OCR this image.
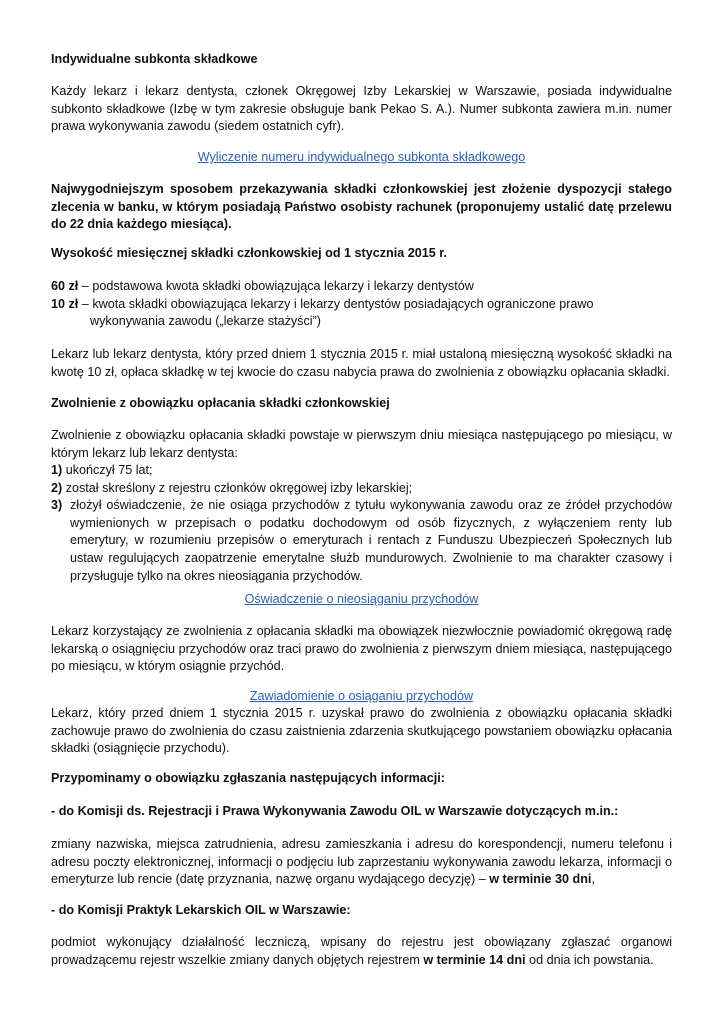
Indywidualne subkonta składkowe

Każdy lekarz i lekarz dentysta, członek Okręgowej Izby Lekarskiej w Warszawie, posiada indywidualne subkonto składkowe (Izbę w tym zakresie obsługuje bank Pekao S. A.). Numer subkonta zawiera m.in. numer prawa wykonywania zawodu (siedem ostatnich cyfr).

Wyliczenie numeru indywidualnego subkonta składkowego

Najwygodniejszym sposobem przekazywania składki członkowskiej jest złożenie dyspozycji stałego zlecenia w banku, w którym posiadają Państwo osobisty rachunek (proponujemy ustalić datę przelewu do 22 dnia każdego miesiąca).

Wysokość miesięcznej składki członkowskiej od 1 stycznia 2015 r.

60 zł – podstawowa kwota składki obowiązująca lekarzy i lekarzy dentystów
10 zł – kwota składki obowiązująca lekarzy i lekarzy dentystów posiadających ograniczone prawo
wykonywania zawodu („lekarze stażyści”)

Lekarz lub lekarz dentysta, który przed dniem 1 stycznia 2015 r. miał ustaloną miesięczną wysokość składki na kwotę 10 zł, opłaca składkę w tej kwocie do czasu nabycia prawa do zwolnienia z obowiązku opłacania składki.

Zwolnienie z obowiązku opłacania składki członkowskiej

Zwolnienie z obowiązku opłacania składki powstaje w pierwszym dniu miesiąca następującego po miesiącu, w którym lekarz lub lekarz dentysta:

1) ukończył 75 lat;
2) został skreślony z rejestru członków okręgowej izby lekarskiej;
3) złożył oświadczenie, że nie osiąga przychodów z tytułu wykonywania zawodu oraz ze źródeł przychodów wymienionych w przepisach o podatku dochodowym od osób fizycznych, z wyłączeniem renty lub emerytury, w rozumieniu przepisów o emeryturach i rentach z Funduszu Ubezpieczeń Społecznych lub ustaw regulujących zaopatrzenie emerytalne służb mundurowych. Zwolnienie to ma charakter czasowy i przysługuje tylko na okres nieosiągania przychodów.

Oświadczenie o nieosiąganiu przychodów

Lekarz korzystający ze zwolnienia z opłacania składki ma obowiązek niezwłocznie powiadomić okręgową radę lekarską o osiągnięciu przychodów oraz traci prawo do zwolnienia z pierwszym dniem miesiąca, następującego po miesiącu, w którym osiągnie przychód.

Zawiadomienie o osiąganiu przychodów

Lekarz, który przed dniem 1 stycznia 2015 r. uzyskał prawo do zwolnienia z obowiązku opłacania składki zachowuje prawo do zwolnienia do czasu zaistnienia zdarzenia skutkującego powstaniem obowiązku opłacania składki (osiągnięcie przychodu).

Przypominamy o obowiązku zgłaszania następujących informacji:

- do Komisji ds. Rejestracji i Prawa Wykonywania Zawodu OIL w Warszawie dotyczących m.in.:

zmiany nazwiska, miejsca zatrudnienia, adresu zamieszkania i adresu do korespondencji, numeru telefonu i adresu poczty elektronicznej, informacji o podjęciu lub zaprzestaniu wykonywania zawodu lekarza, informacji o emeryturze lub rencie (datę przyznania, nazwę organu wydającego decyzję) – w terminie 30 dni,

- do Komisji Praktyk Lekarskich OIL w Warszawie:

podmiot wykonujący działalność leczniczą, wpisany do rejestru jest obowiązany zgłaszać organowi prowadzącemu rejestr wszelkie zmiany danych objętych rejestrem w terminie 14 dni od dnia ich powstania.
